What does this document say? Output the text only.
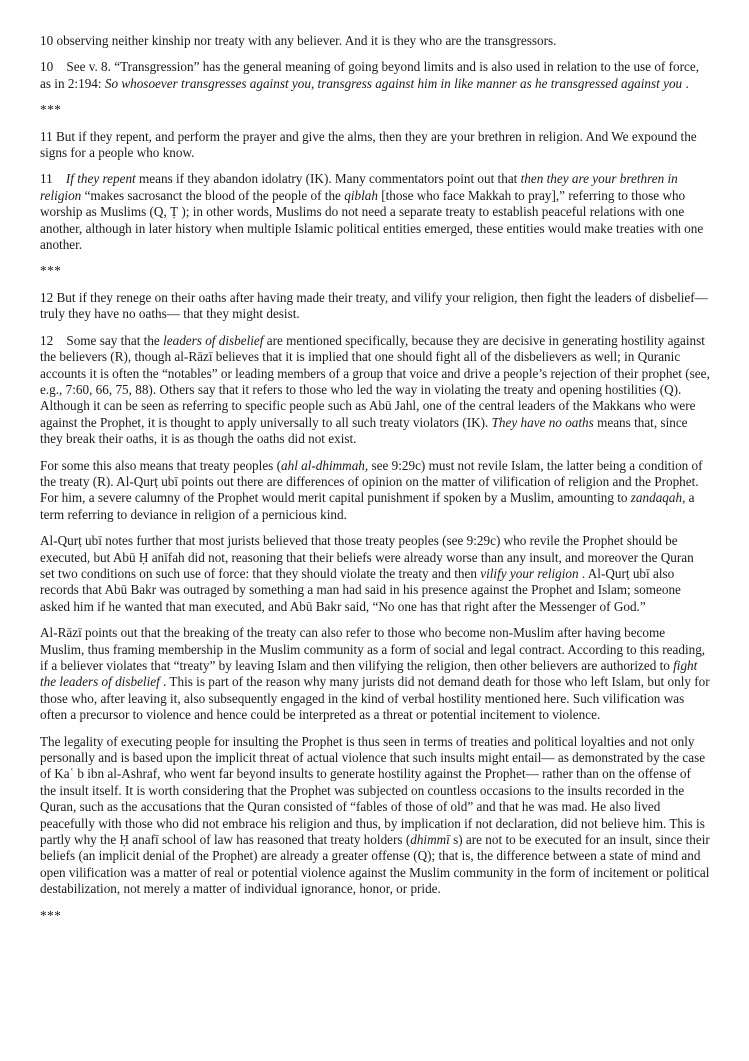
10 observing neither kinship nor treaty with any believer. And it is they who are the transgressors.

10    See v. 8. “Transgression” has the general meaning of going beyond limits and is also used in relation to the use of force, as in 2:194: So whosoever transgresses against you, transgress against him in like manner as he transgressed against you .

***

11 But if they repent, and perform the prayer and give the alms, then they are your brethren in religion. And We expound the signs for a people who know.

11    If they repent means if they abandon idolatry (IK). Many commentators point out that then they are your brethren in religion “makes sacrosanct the blood of the people of the qiblah [those who face Makkah to pray],” referring to those who worship as Muslims (Q, Ṭ ); in other words, Muslims do not need a separate treaty to establish peaceful relations with one another, although in later history when multiple Islamic political entities emerged, these entities would make treaties with one another.

***

12 But if they renege on their oaths after having made their treaty, and vilify your religion, then fight the leaders of disbelief— truly they have no oaths— that they might desist.

12    Some say that the leaders of disbelief are mentioned specifically, because they are decisive in generating hostility against the believers (R), though al-Rāzī believes that it is implied that one should fight all of the disbelievers as well; in Quranic accounts it is often the “notables” or leading members of a group that voice and drive a people’s rejection of their prophet (see, e.g., 7:60, 66, 75, 88). Others say that it refers to those who led the way in violating the treaty and opening hostilities (Q). Although it can be seen as referring to specific people such as Abū Jahl, one of the central leaders of the Makkans who were against the Prophet, it is thought to apply universally to all such treaty violators (IK). They have no oaths means that, since they break their oaths, it is as though the oaths did not exist.

For some this also means that treaty peoples (ahl al-dhimmah, see 9:29c) must not revile Islam, the latter being a condition of the treaty (R). Al-Qurṭ ubī points out there are differences of opinion on the matter of vilification of religion and the Prophet. For him, a severe calumny of the Prophet would merit capital punishment if spoken by a Muslim, amounting to zandaqah, a term referring to deviance in religion of a pernicious kind.

Al-Qurṭ ubī notes further that most jurists believed that those treaty peoples (see 9:29c) who revile the Prophet should be executed, but Abū Ḥ anīfah did not, reasoning that their beliefs were already worse than any insult, and moreover the Quran set two conditions on such use of force: that they should violate the treaty and then vilify your religion . Al-Qurṭ ubī also records that Abū Bakr was outraged by something a man had said in his presence against the Prophet and Islam; someone asked him if he wanted that man executed, and Abū Bakr said, “No one has that right after the Messenger of God.”

Al-Rāzī points out that the breaking of the treaty can also refer to those who become non-Muslim after having become Muslim, thus framing membership in the Muslim community as a form of social and legal contract. According to this reading, if a believer violates that “treaty” by leaving Islam and then vilifying the religion, then other believers are authorized to fight the leaders of disbelief . This is part of the reason why many jurists did not demand death for those who left Islam, but only for those who, after leaving it, also subsequently engaged in the kind of verbal hostility mentioned here. Such vilification was often a precursor to violence and hence could be interpreted as a threat or potential incitement to violence.

The legality of executing people for insulting the Prophet is thus seen in terms of treaties and political loyalties and not only personally and is based upon the implicit threat of actual violence that such insults might entail— as demonstrated by the case of Kaʿ b ibn al-Ashraf, who went far beyond insults to generate hostility against the Prophet— rather than on the offense of the insult itself. It is worth considering that the Prophet was subjected on countless occasions to the insults recorded in the Quran, such as the accusations that the Quran consisted of “fables of those of old” and that he was mad. He also lived peacefully with those who did not embrace his religion and thus, by implication if not declaration, did not believe him. This is partly why the Ḥ anafī school of law has reasoned that treaty holders (dhimmī s) are not to be executed for an insult, since their beliefs (an implicit denial of the Prophet) are already a greater offense (Q); that is, the difference between a state of mind and open vilification was a matter of real or potential violence against the Muslim community in the form of incitement or political destabilization, not merely a matter of individual ignorance, honor, or pride.

***
